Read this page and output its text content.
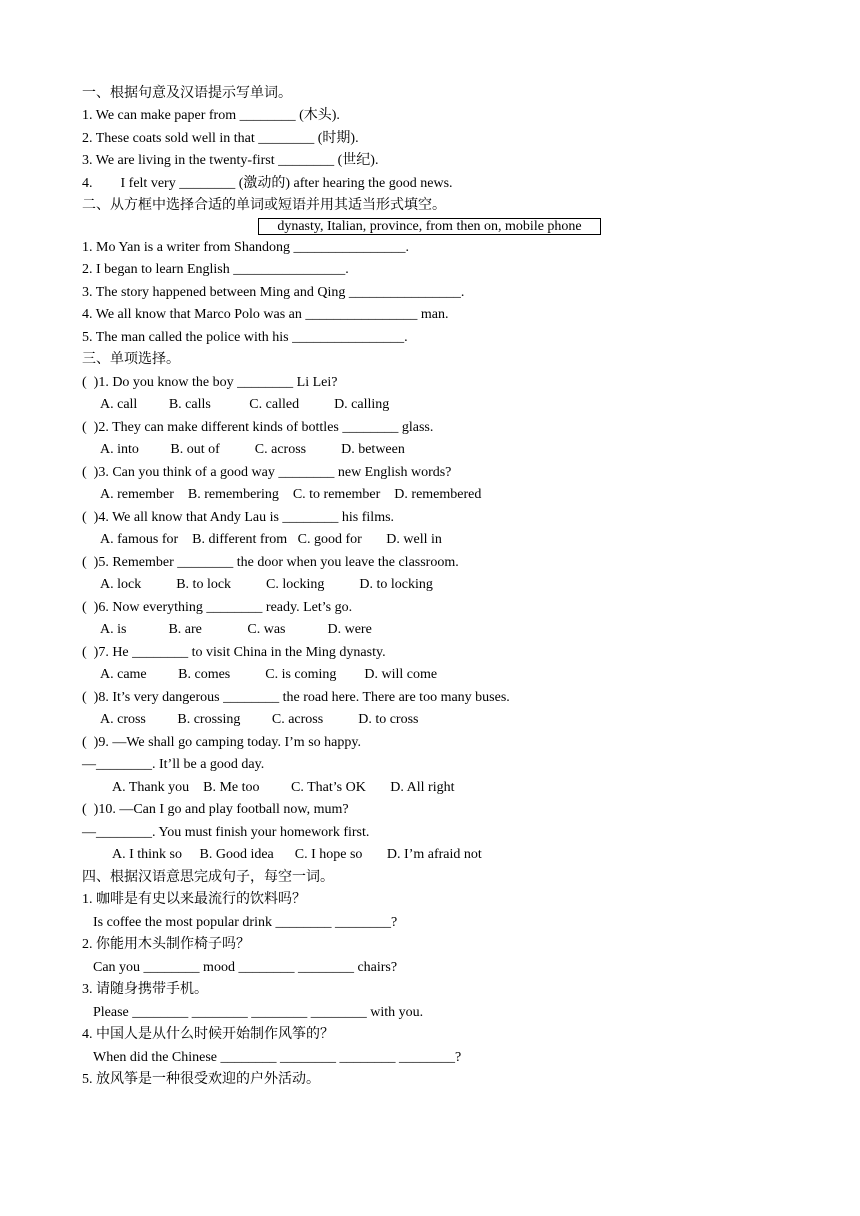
一、根据句意及汉语提示写单词。
1. We can make paper from ________ (木头).
2. These coats sold well in that ________ (时期).
3. We are living in the twenty-first ________ (世纪).
4.        I felt very ________ (激动的) after hearing the good news.
二、从方框中选择合适的单词或短语并用其适当形式填空。
dynasty, Italian, province, from then on, mobile phone
1. Mo Yan is a writer from Shandong ________________.
2. I began to learn English ________________.
3. The story happened between Ming and Qing ________________.
4. We all know that Marco Polo was an ________________ man.
5. The man called the police with his ________________.
三、单项选择。
(  )1. Do you know the boy ________ Li Lei?
A. call         B. calls           C. called          D. calling
(  )2. They can make different kinds of bottles ________ glass.
A. into         B. out of          C. across          D. between
(  )3. Can you think of a good way ________ new English words?
A. remember    B. remembering    C. to remember    D. remembered
(  )4. We all know that Andy Lau is ________ his films.
A. famous for    B. different from   C. good for       D. well in
(  )5. Remember ________ the door when you leave the classroom.
A. lock          B. to lock          C. locking          D. to locking
(  )6. Now everything ________ ready. Let’s go.
A. is            B. are             C. was            D. were
(  )7. He ________ to visit China in the Ming dynasty.
A. came         B. comes          C. is coming        D. will come
(  )8. It’s very dangerous ________ the road here. There are too many buses.
A. cross         B. crossing         C. across          D. to cross
(  )9. —We shall go camping today. I’m so happy.
—________. It’ll be a good day.
A. Thank you    B. Me too         C. That’s OK       D. All right
(  )10. —Can I go and play football now, mum?
—________. You must finish your homework first.
A. I think so     B. Good idea      C. I hope so       D. I’m afraid not
四、根据汉语意思完成句子，每空一词。
1. 咖啡是有史以来最流行的饮料吗？
Is coffee the most popular drink ________ ________?
2. 你能用木头制作椅子吗？
Can you ________ mood ________ ________ chairs?
3. 请随身携带手机。
Please ________ ________ ________ ________ with you.
4. 中国人是从什么时候开始制作风筝的？
When did the Chinese ________ ________ ________ ________?
5. 放风筝是一种很受欢迎的户外活动。
